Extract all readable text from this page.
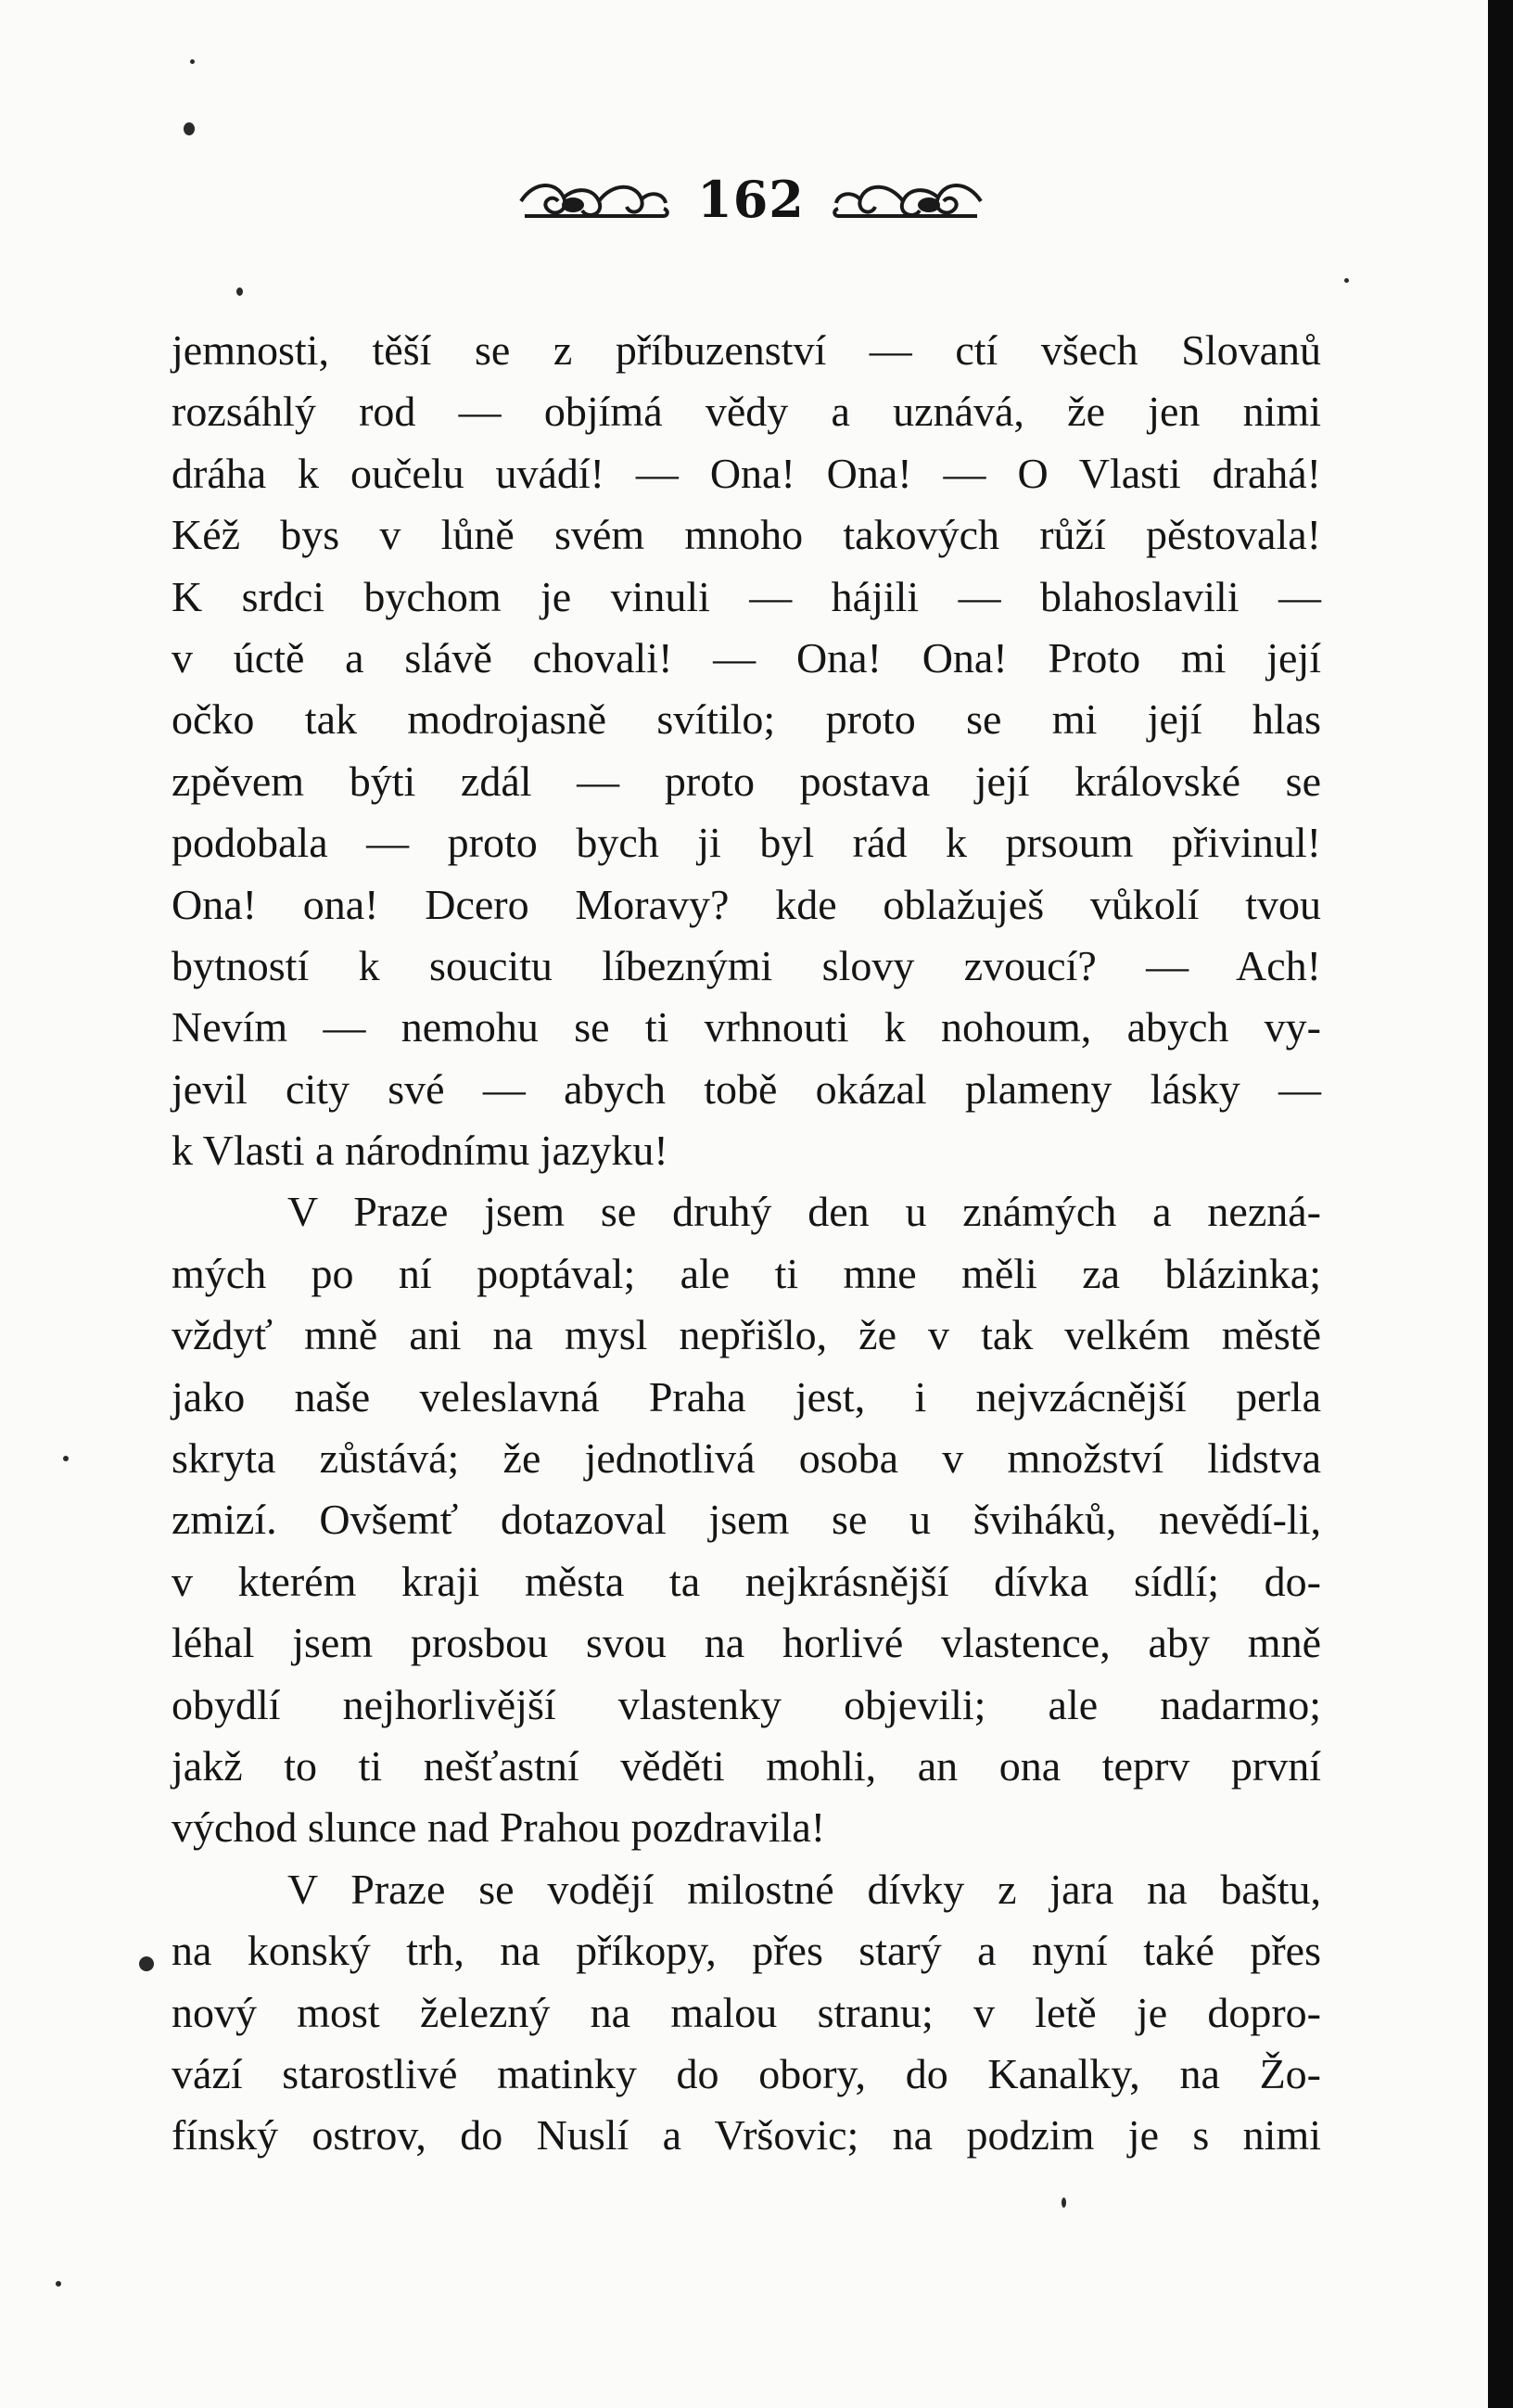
162
jemnosti, těší se z příbuzenství — ctí všech Slovanů
rozsáhlý rod — objímá vědy a uznává, že jen nimi
dráha k oučelu uvádí! — Ona! Ona! — O Vlasti drahá!
Kéž bys v lůně svém mnoho takových růží pěstovala!
K srdci bychom je vinuli — hájili — blahoslavili —
v úctě a slávě chovali! — Ona! Ona! Proto mi její
očko tak modrojasně svítilo; proto se mi její hlas
zpěvem býti zdál — proto postava její královské se
podobala — proto bych ji byl rád k prsoum přivinul!
Ona! ona! Dcero Moravy? kde oblažuješ vůkolí tvou
bytností k soucitu líbeznými slovy zvoucí? — Ach!
Nevím — nemohu se ti vrhnouti k nohoum, abych vy-
jevil city své — abych tobě okázal plameny lásky —
k Vlasti a národnímu jazyku!
V Praze jsem se druhý den u známých a nezná-
mých po ní poptával; ale ti mne měli za blázinka;
vždyť mně ani na mysl nepřišlo, že v tak velkém městě
jako naše veleslavná Praha jest, i nejvzácnější perla
skryta zůstává; že jednotlivá osoba v množství lidstva
zmizí. Ovšemť dotazoval jsem se u šviháků, nevědí-li,
v kterém kraji města ta nejkrásnější dívka sídlí; do-
léhal jsem prosbou svou na horlivé vlastence, aby mně
obydlí nejhorlivější vlastenky objevili; ale nadarmo;
jakž to ti nešťastní věděti mohli, an ona teprv první
východ slunce nad Prahou pozdravila!
V Praze se vodějí milostné dívky z jara na baštu,
na konský trh, na příkopy, přes starý a nyní také přes
nový most železný na malou stranu; v letě je dopro-
vází starostlivé matinky do obory, do Kanalky, na Žo-
fínský ostrov, do Nuslí a Vršovic; na podzim je s nimi
